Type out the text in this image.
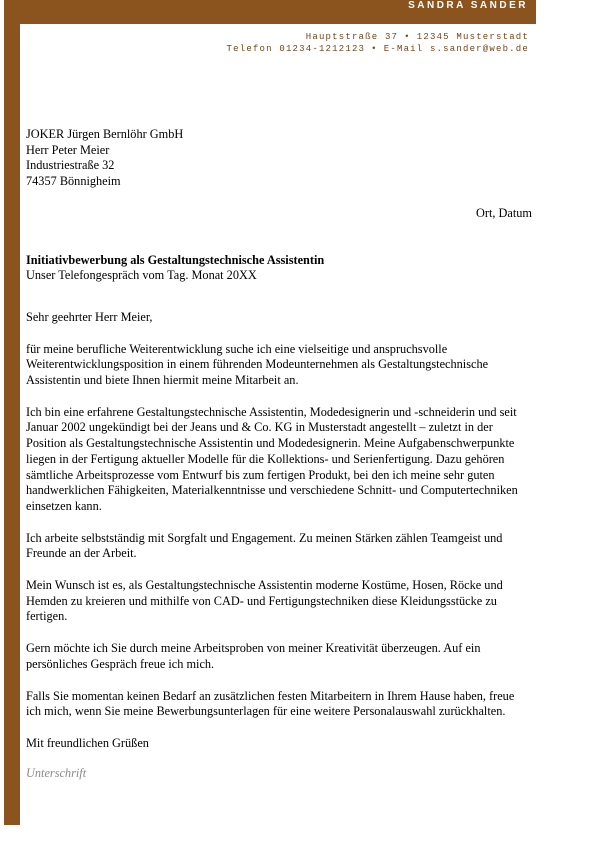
SANDRA SANDER
Hauptstraße 37 • 12345 Musterstadt
Telefon 01234-1212123 • E-Mail s.sander@web.de
JOKER Jürgen Bernlöhr GmbH
Herr Peter Meier
Industriestraße 32
74357 Bönnigheim
Ort, Datum
Initiativbewerbung als Gestaltungstechnische Assistentin
Unser Telefongespräch vom Tag. Monat 20XX

Sehr geehrter Herr Meier,

für meine berufliche Weiterentwicklung suche ich eine vielseitige und anspruchsvolle Weiterentwicklungsposition in einem führenden Modeunternehmen als Gestaltungstechnische Assistentin und biete Ihnen hiermit meine Mitarbeit an.

Ich bin eine erfahrene Gestaltungstechnische Assistentin, Modedesignerin und -schneiderin und seit Januar 2002 ungekündigt bei der Jeans und & Co. KG in Musterstadt angestellt – zuletzt in der Position als Gestaltungstechnische Assistentin und Modedesignerin. Meine Aufgabenschwerpunkte liegen in der Fertigung aktueller Modelle für die Kollektions- und Serienfertigung. Dazu gehören sämtliche Arbeitsprozesse vom Entwurf bis zum fertigen Produkt, bei den ich meine sehr guten handwerklichen Fähigkeiten, Materialkenntnisse und verschiedene Schnitt- und Computertechniken einsetzen kann.

Ich arbeite selbstständig mit Sorgfalt und Engagement. Zu meinen Stärken zählen Teamgeist und Freunde an der Arbeit.

Mein Wunsch ist es, als Gestaltungstechnische Assistentin moderne Kostüme, Hosen, Röcke und Hemden zu kreieren und mithilfe von CAD- und Fertigungstechniken diese Kleidungsstücke zu fertigen.

Gern möchte ich Sie durch meine Arbeitsproben von meiner Kreativität überzeugen. Auf ein persönliches Gespräch freue ich mich.

Falls Sie momentan keinen Bedarf an zusätzlichen festen Mitarbeitern in Ihrem Hause haben, freue ich mich, wenn Sie meine Bewerbungsunterlagen für eine weitere Personalauswahl zurückhalten.

Mit freundlichen Grüßen

Unterschrift
